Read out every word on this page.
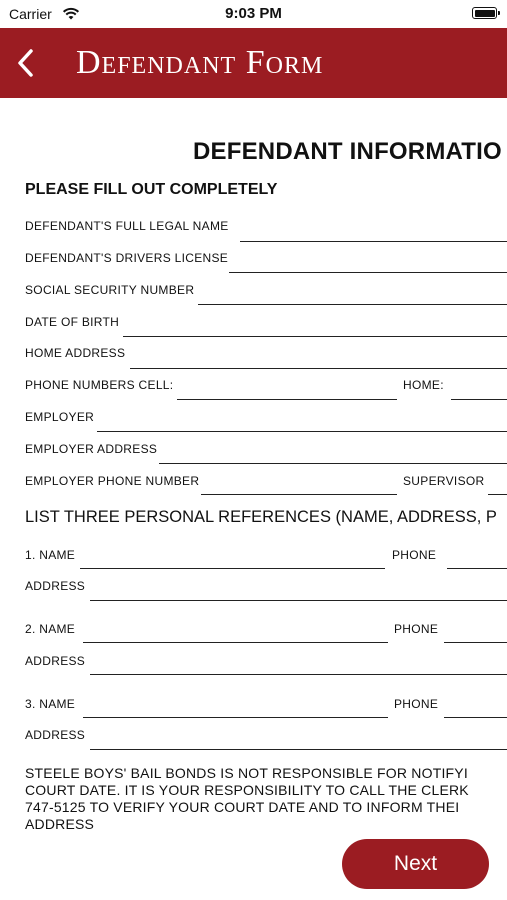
Carrier	9:03 PM
Defendant Form
DEFENDANT INFORMATIO
PLEASE FILL OUT COMPLETELY
DEFENDANT'S FULL LEGAL NAME
DEFENDANT'S DRIVERS LICENSE
SOCIAL SECURITY NUMBER
DATE OF BIRTH
HOME ADDRESS
PHONE NUMBERS CELL:	HOME:
EMPLOYER
EMPLOYER ADDRESS
EMPLOYER PHONE NUMBER	SUPERVISOR
LIST THREE PERSONAL REFERENCES (NAME, ADDRESS, P
1. NAME	PHONE
ADDRESS
2. NAME	PHONE
ADDRESS
3. NAME	PHONE
ADDRESS
STEELE BOYS' BAIL BONDS IS NOT RESPONSIBLE FOR NOTIFYI
COURT DATE. IT IS YOUR RESPONSIBILITY TO CALL THE CLERK
747-5125 TO VERIFY YOUR COURT DATE AND TO INFORM THEI
ADDRESS
Next
